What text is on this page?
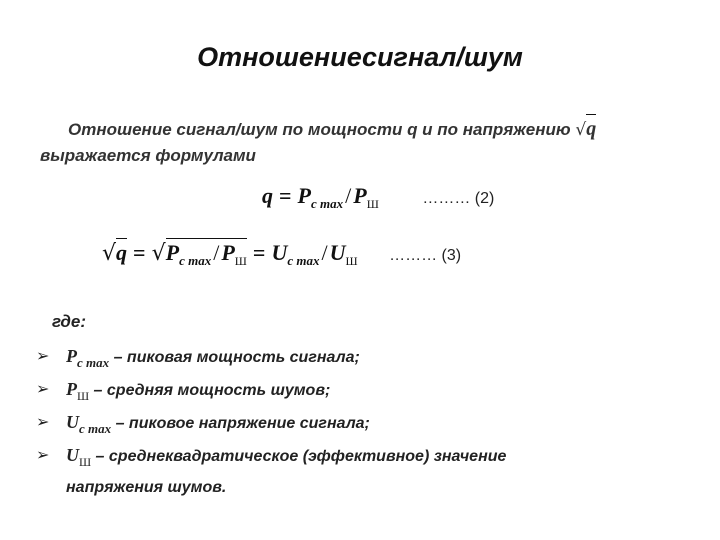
Отношениесигнал/шум
Отношение сигнал/шум по мощности q и по напряжению √q
выражается формулами
$q = P_{c max}/P_Ш$	……… (2)
$√q = √P_{c max}/P_Ш = U_{c max}/U_Ш$ ……… (3)
где:
➢ $P_{c max}$ – пиковая мощность сигнала;
➢ $P_Ш$ – средняя мощность шумов;
➢ $U_{c max}$ – пиковое напряжение сигнала;
➢ $U_Ш$ – среднеквадратическое (эффективное) значение
напряжения шумов.
